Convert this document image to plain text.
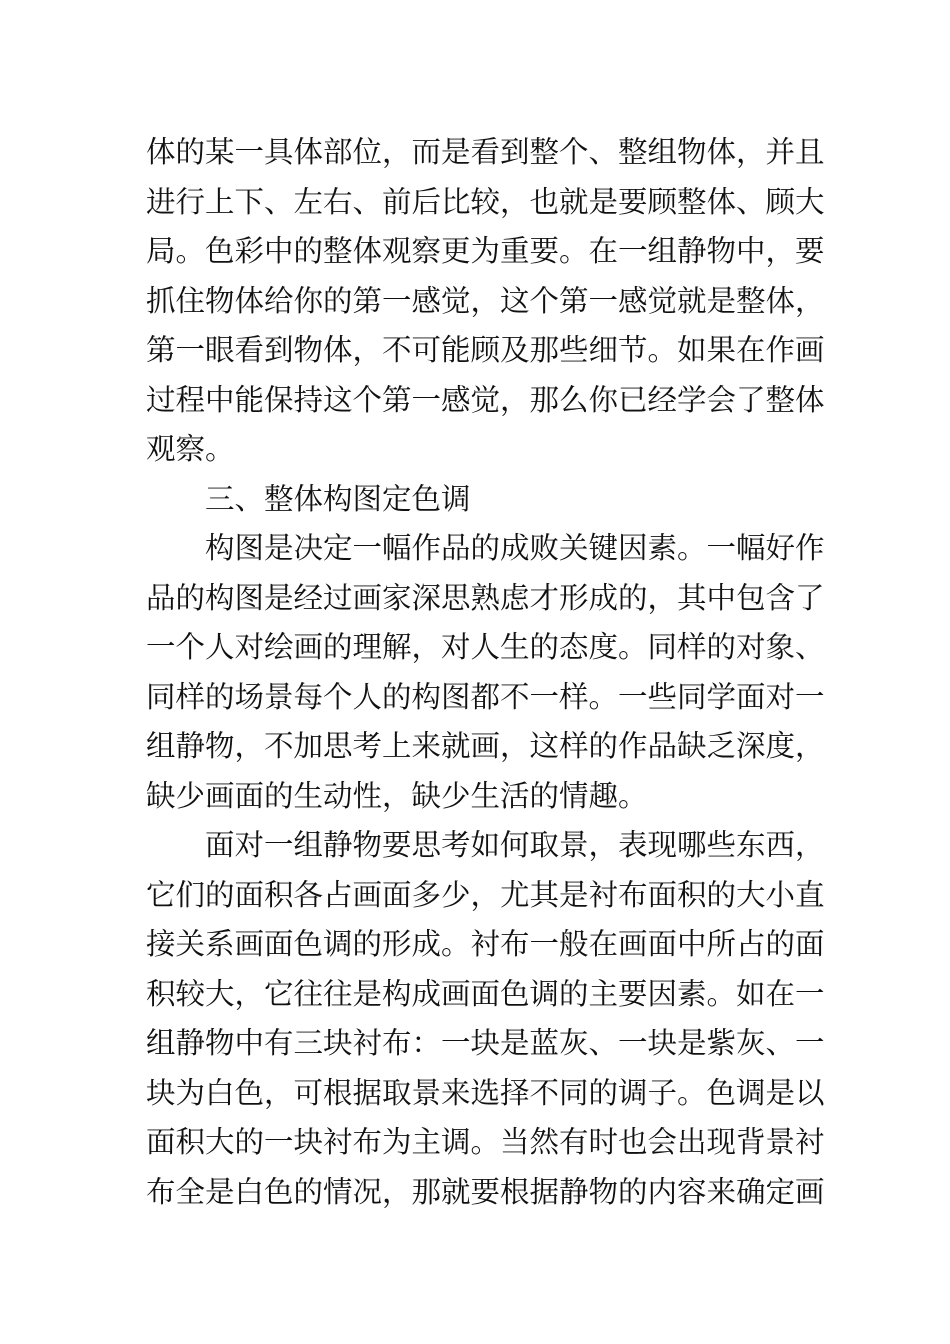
体的某一具体部位，而是看到整个、整组物体，并且
进行上下、左右、前后比较，也就是要顾整体、顾大
局。色彩中的整体观察更为重要。在一组静物中，要
抓住物体给你的第一感觉，这个第一感觉就是整体，
第一眼看到物体，不可能顾及那些细节。如果在作画
过程中能保持这个第一感觉，那么你已经学会了整体
观察。
三、整体构图定色调
构图是决定一幅作品的成败关键因素。一幅好作
品的构图是经过画家深思熟虑才形成的，其中包含了
一个人对绘画的理解，对人生的态度。同样的对象、
同样的场景每个人的构图都不一样。一些同学面对一
组静物，不加思考上来就画，这样的作品缺乏深度，
缺少画面的生动性，缺少生活的情趣。
面对一组静物要思考如何取景，表现哪些东西，
它们的面积各占画面多少，尤其是衬布面积的大小直
接关系画面色调的形成。衬布一般在画面中所占的面
积较大，它往往是构成画面色调的主要因素。如在一
组静物中有三块衬布：一块是蓝灰、一块是紫灰、一
块为白色，可根据取景来选择不同的调子。色调是以
面积大的一块衬布为主调。当然有时也会出现背景衬
布全是白色的情况，那就要根据静物的内容来确定画
